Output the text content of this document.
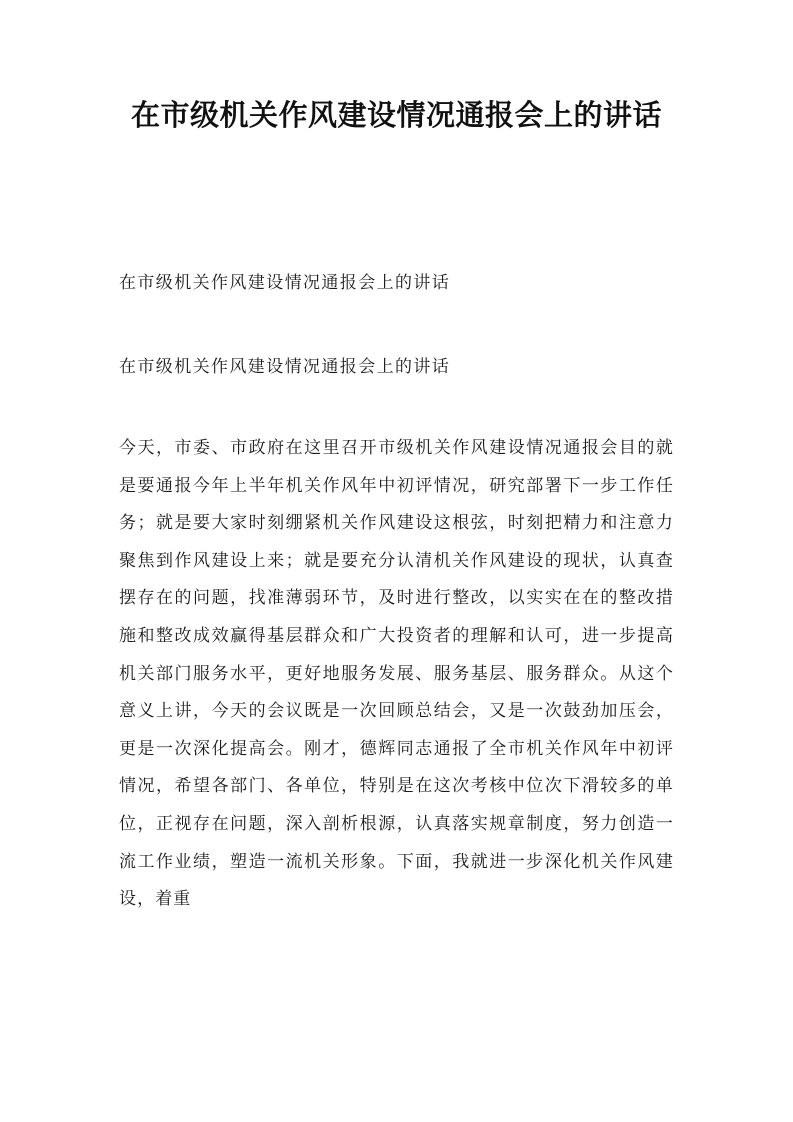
在市级机关作风建设情况通报会上的讲话

在市级机关作风建设情况通报会上的讲话

在市级机关作风建设情况通报会上的讲话

今天，市委、市政府在这里召开市级机关作风建设情况通报会目的就是要通报今年上半年机关作风年中初评情况，研究部署下一步工作任务；就是要大家时刻绷紧机关作风建设这根弦，时刻把精力和注意力聚焦到作风建设上来；就是要充分认清机关作风建设的现状，认真查摆存在的问题，找准薄弱环节，及时进行整改，以实实在在的整改措施和整改成效赢得基层群众和广大投资者的理解和认可，进一步提高机关部门服务水平，更好地服务发展、服务基层、服务群众。从这个意义上讲，今天的会议既是一次回顾总结会，又是一次鼓劲加压会，更是一次深化提高会。刚才，德辉同志通报了全市机关作风年中初评情况，希望各部门、各单位，特别是在这次考核中位次下滑较多的单位，正视存在问题，深入剖析根源，认真落实规章制度，努力创造一流工作业绩，塑造一流机关形象。下面，我就进一步深化机关作风建设，着重
